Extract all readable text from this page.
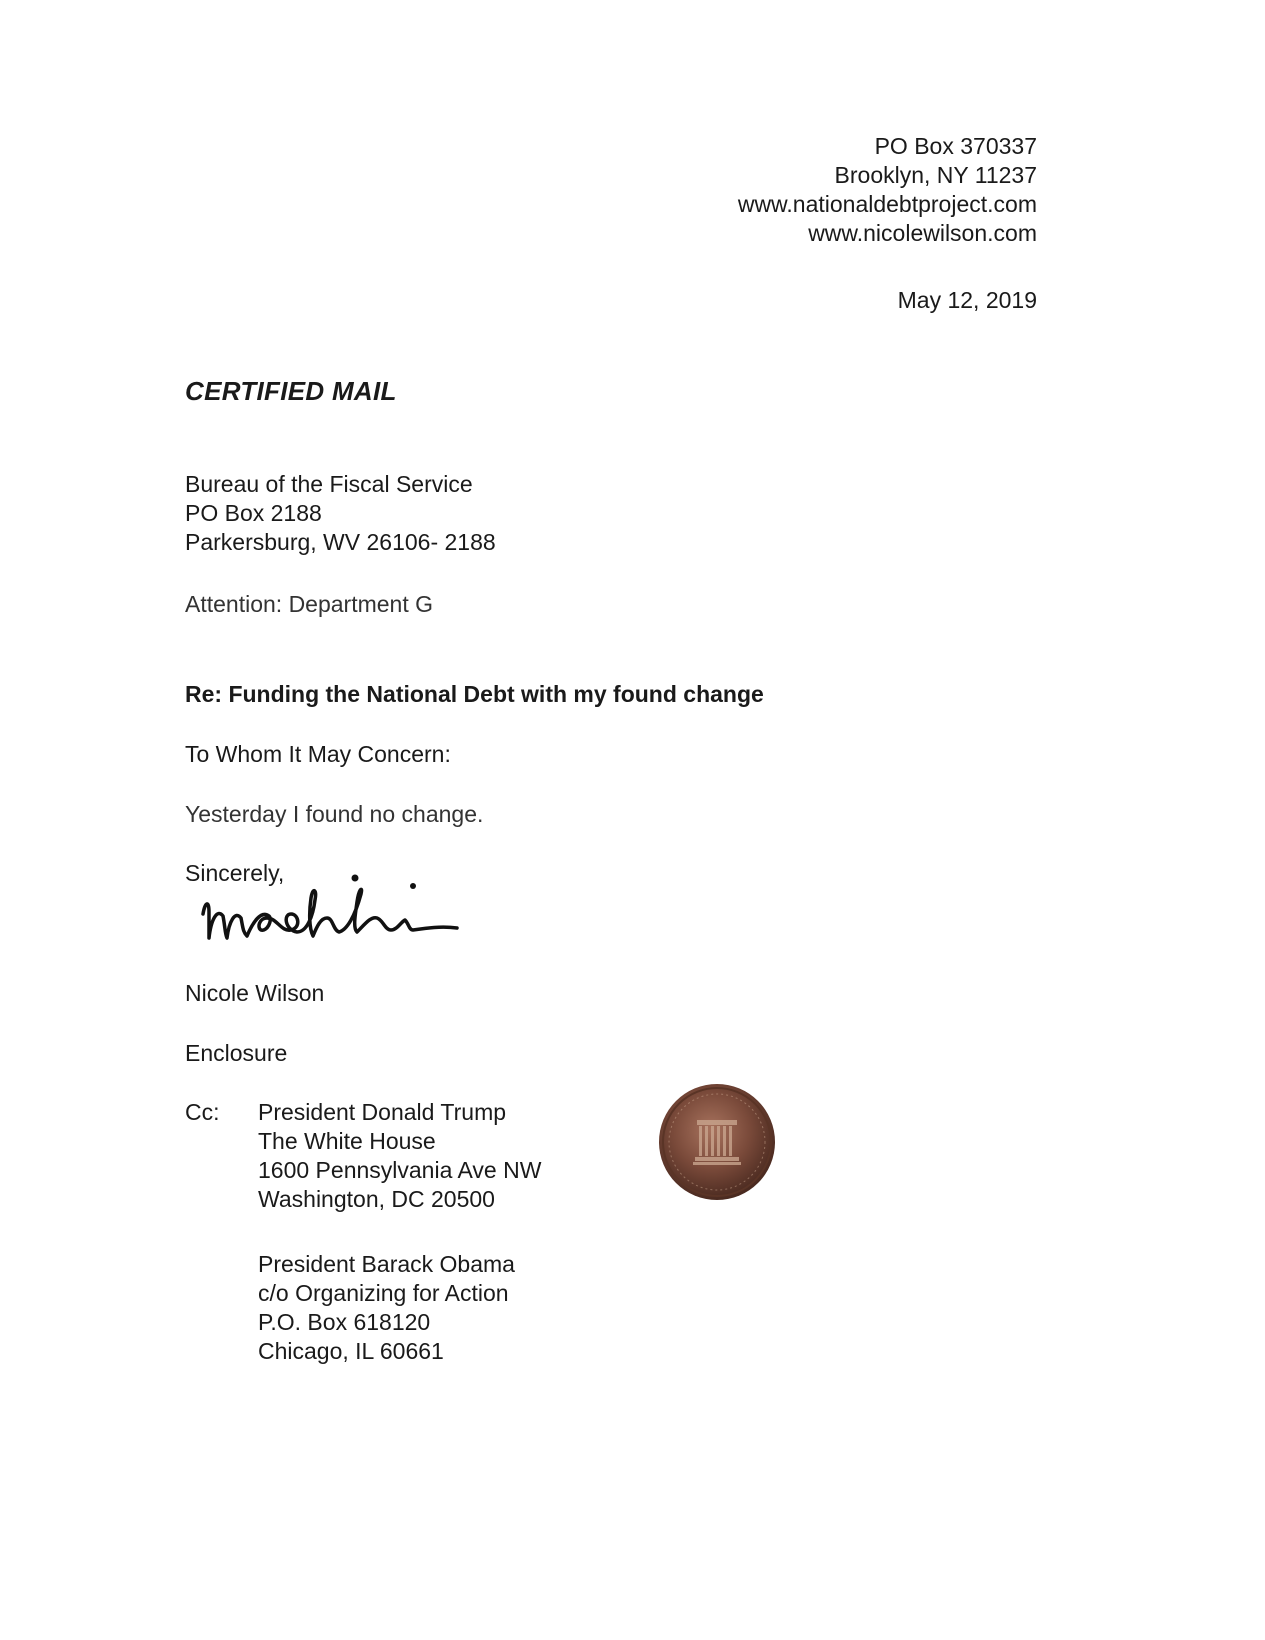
PO Box 370337
Brooklyn, NY 11237
www.nationaldebtproject.com
www.nicolewilson.com
May 12, 2019
CERTIFIED MAIL
Bureau of the Fiscal Service
PO Box 2188
Parkersburg, WV 26106- 2188
Attention: Department G
Re: Funding the National Debt with my found change
To Whom It May Concern:
Yesterday I found no change.
Sincerely,
Nicole Wilson
Enclosure
Cc: President Donald Trump
The White House
1600 Pennsylvania Ave NW
Washington, DC 20500
President Barack Obama
c/o Organizing for Action
P.O. Box 618120
Chicago, IL 60661
